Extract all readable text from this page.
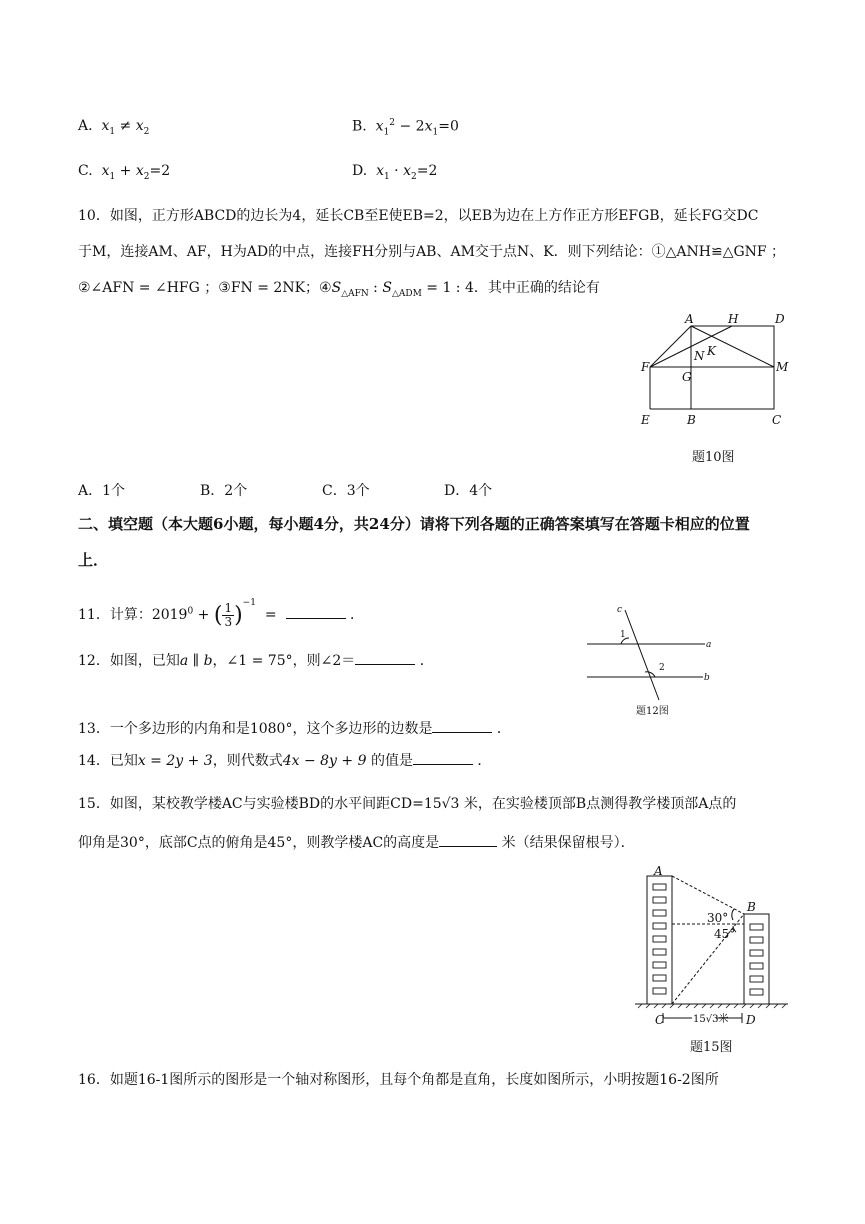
A. $x_1 \ne x_2$	B. $x_1^2 - 2x_1=0$
C. $x_1 + x_2=2$	D. $x_1 \cdot x_2=2$
10．如图，正方形ABCD的边长为4，延长CB至E使EB=2，以EB为边在上方作正方形EFGB，延长FG交DC
于M，连接AM、AF，H为AD的中点，连接FH分别与AB、AM交于点N、K．则下列结论：①△ANH≌△GNF ；
②∠AFN = ∠HFG ；③FN = 2NK；$④S_{\triangle AFN}$ : $S_{\triangle ADM} = 1$ : 4．其中正确的结论有
A	H	D
N K
F
G
M
E	B	C
题10图
A．1个	B．2个	C．3个	D．4个
二、填空题（本大题6小题，每小题4分，共24分）请将下列各题的正确答案填写在答题卡相应的位置
上．
11．计算：$2019^0$ + ( $\frac{1}{3} )^{-1}$  =	．
12．如图，已知a ∥ b，∠1 = 75°，则∠2＝	．
c
1
a
2
b
题12图
13．一个多边形的内角和是1080°，这个多边形的边数是	．
14．已知x = 2y + 3，则代数式4x − 8y + 9 的值是	．
15．如图，某校教学楼AC与实验楼BD的水平间距CD=15√3 米，在实验楼顶部B点测得教学楼顶部A点的
仰角是30°，底部C点的俯角是45°，则教学楼AC的高度是	米（结果保留根号）．
A
B
C	D
30°
45°
15√3米
题15图
16．如题16-1图所示的图形是一个轴对称图形，且每个角都是直角，长度如图所示，小明按题16-2图所
